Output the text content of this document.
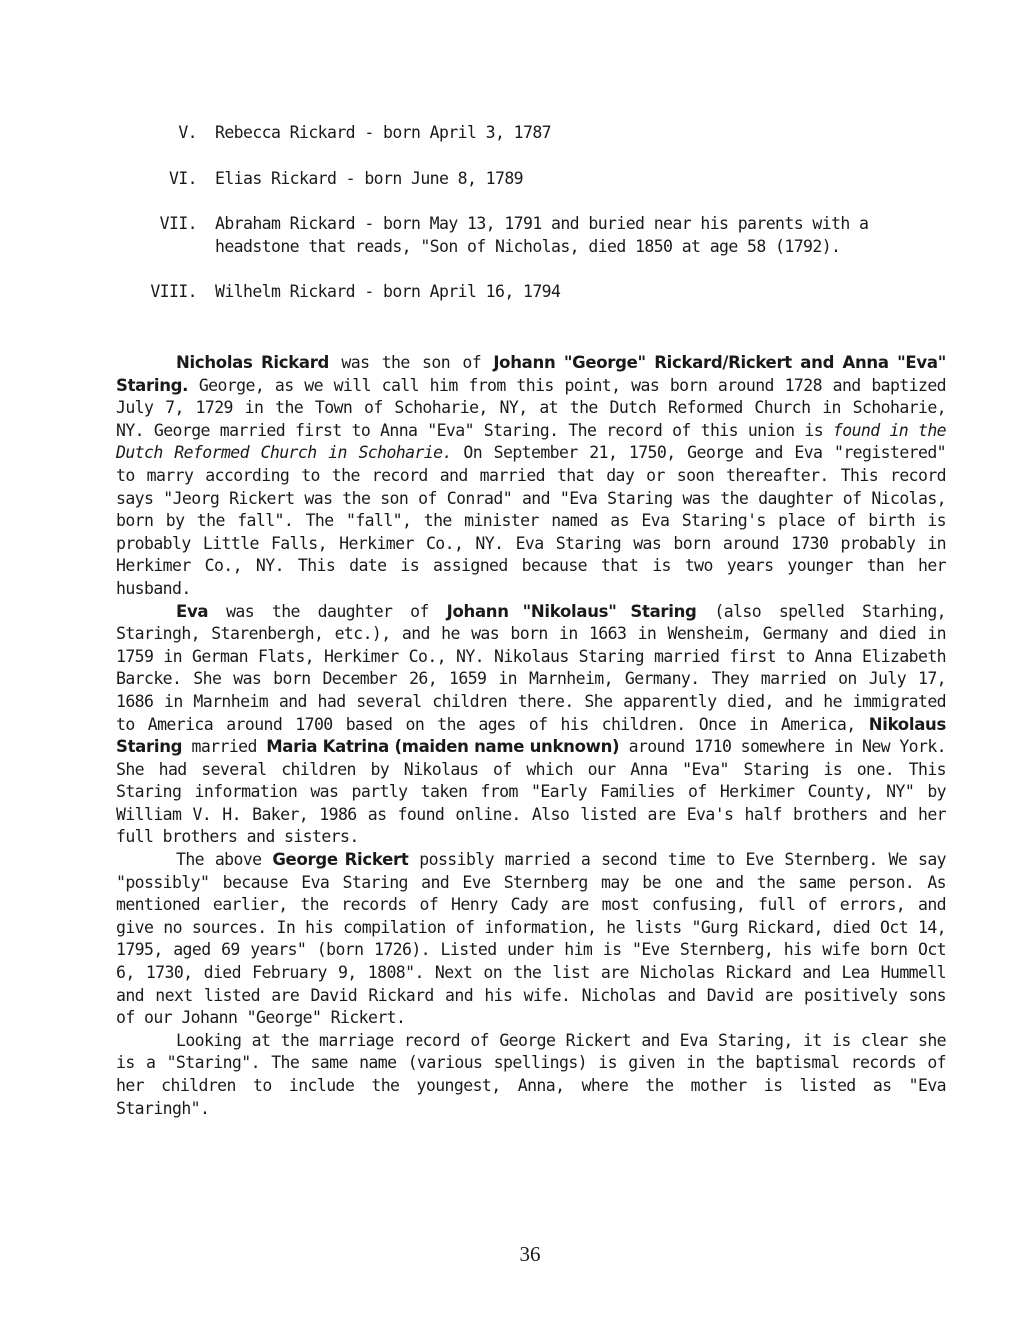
V.	Rebecca Rickard - born April 3, 1787
VI.	Elias Rickard - born June 8, 1789
VII.	Abraham Rickard - born May 13, 1791 and buried near his parents with a headstone that reads, "Son of Nicholas, died 1850 at age 58 (1792).
VIII.	Wilhelm Rickard - born April 16, 1794

Nicholas Rickard was the son of Johann "George" Rickard/Rickert and Anna "Eva" Staring. George, as we will call him from this point, was born around 1728 and baptized July 7, 1729 in the Town of Schoharie, NY, at the Dutch Reformed Church in Schoharie, NY. George married first to Anna "Eva" Staring. The record of this union is found in the Dutch Reformed Church in Schoharie. On September 21, 1750, George and Eva "registered" to marry according to the record and married that day or soon thereafter. This record says "Jeorg Rickert was the son of Conrad" and "Eva Staring was the daughter of Nicolas, born by the fall". The "fall", the minister named as Eva Staring's place of birth is probably Little Falls, Herkimer Co., NY. Eva Staring was born around 1730 probably in Herkimer Co., NY. This date is assigned because that is two years younger than her husband.

Eva was the daughter of Johann "Nikolaus" Staring (also spelled Starhing, Staringh, Starenbergh, etc.), and he was born in 1663 in Wensheim, Germany and died in 1759 in German Flats, Herkimer Co., NY. Nikolaus Staring married first to Anna Elizabeth Barcke. She was born December 26, 1659 in Marnheim, Germany. They married on July 17, 1686 in Marnheim and had several children there. She apparently died, and he immigrated to America around 1700 based on the ages of his children. Once in America, Nikolaus Staring married Maria Katrina (maiden name unknown) around 1710 somewhere in New York. She had several children by Nikolaus of which our Anna "Eva" Staring is one. This Staring information was partly taken from "Early Families of Herkimer County, NY" by William V. H. Baker, 1986 as found online. Also listed are Eva's half brothers and her full brothers and sisters.

The above George Rickert possibly married a second time to Eve Sternberg. We say "possibly" because Eva Staring and Eve Sternberg may be one and the same person. As mentioned earlier, the records of Henry Cady are most confusing, full of errors, and give no sources. In his compilation of information, he lists "Gurg Rickard, died Oct 14, 1795, aged 69 years" (born 1726). Listed under him is "Eve Sternberg, his wife born Oct 6, 1730, died February 9, 1808". Next on the list are Nicholas Rickard and Lea Hummell and next listed are David Rickard and his wife. Nicholas and David are positively sons of our Johann "George" Rickert.

Looking at the marriage record of George Rickert and Eva Staring, it is clear she is a "Staring". The same name (various spellings) is given in the baptismal records of her children to include the youngest, Anna, where the mother is listed as "Eva Staringh".

36
